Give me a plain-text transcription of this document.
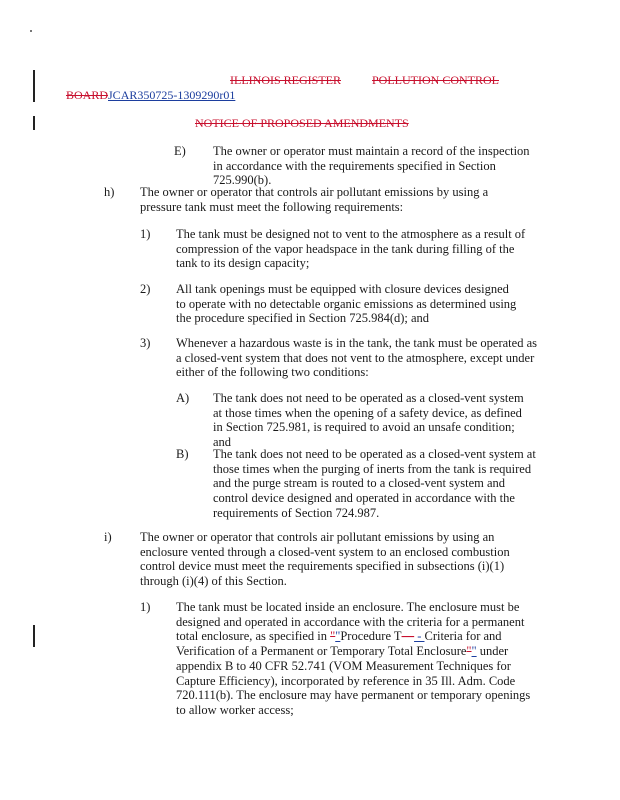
ILLINOIS REGISTER	POLLUTION CONTROL
BOARDJCAR350725-1309290r01
NOTICE OF PROPOSED AMENDMENTS
E) The owner or operator must maintain a record of the inspection in accordance with the requirements specified in Section 725.990(b).
h) The owner or operator that controls air pollutant emissions by using a pressure tank must meet the following requirements:
1) The tank must be designed not to vent to the atmosphere as a result of compression of the vapor headspace in the tank during filling of the tank to its design capacity;
2) All tank openings must be equipped with closure devices designed to operate with no detectable organic emissions as determined using the procedure specified in Section 725.984(d); and
3) Whenever a hazardous waste is in the tank, the tank must be operated as a closed-vent system that does not vent to the atmosphere, except under either of the following two conditions:
A) The tank does not need to be operated as a closed-vent system at those times when the opening of a safety device, as defined in Section 725.981, is required to avoid an unsafe condition; and
B) The tank does not need to be operated as a closed-vent system at those times when the purging of inerts from the tank is required and the purge stream is routed to a closed-vent system and control device designed and operated in accordance with the requirements of Section 724.987.
i) The owner or operator that controls air pollutant emissions by using an enclosure vented through a closed-vent system to an enclosed combustion control device must meet the requirements specified in subsections (i)(1) through (i)(4) of this Section.
1) The tank must be located inside an enclosure. The enclosure must be designed and operated in accordance with the criteria for a permanent total enclosure, as specified in ""Procedure T— - Criteria for and Verification of a Permanent or Temporary Total Enclosure"" under appendix B to 40 CFR 52.741 (VOM Measurement Techniques for Capture Efficiency), incorporated by reference in 35 Ill. Adm. Code 720.111(b). The enclosure may have permanent or temporary openings to allow worker access;
